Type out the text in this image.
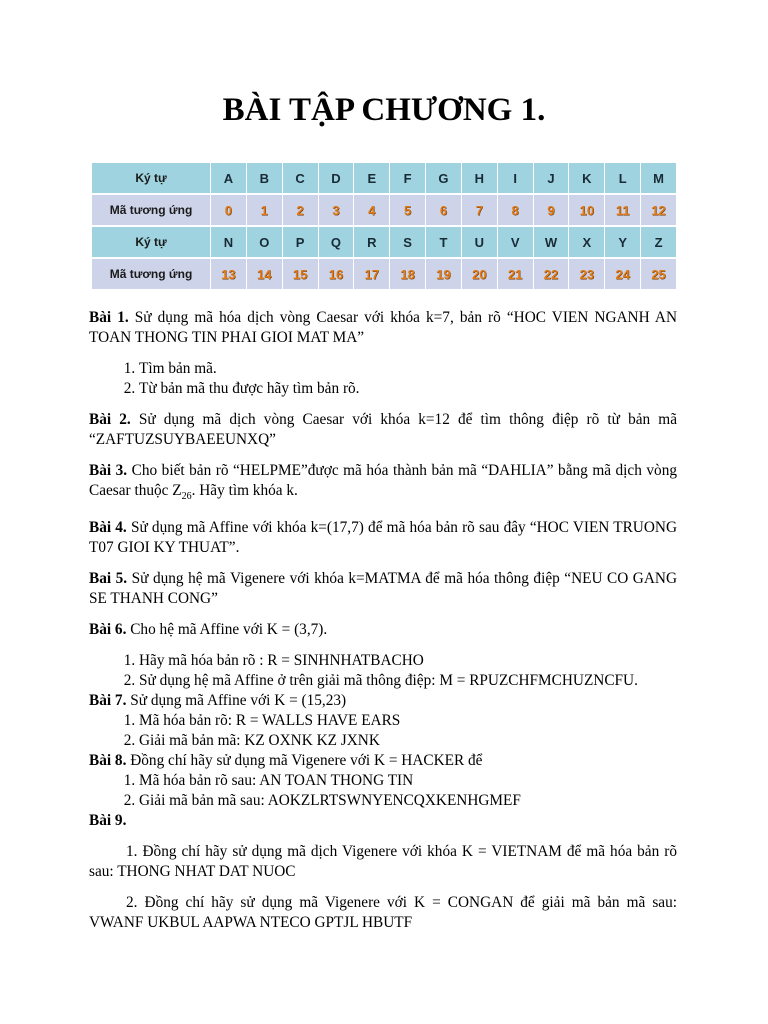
BÀI TẬP CHƯƠNG 1.
Ký tự	A	B	C	D	E	F	G	H	I	J	K	L	M
Mã tương ứng	0	1	2	3	4	5	6	7	8	9	10	11	12
Ký tự	N	O	P	Q	R	S	T	U	V	W	X	Y	Z
Mã tương ứng	13	14	15	16	17	18	19	20	21	22	23	24	25

Bài 1. Sử dụng mã hóa dịch vòng Caesar với khóa k=7, bản rõ “HOC VIEN NGANH AN TOAN THONG TIN PHAI GIOI MAT MA”

1. Tìm bản mã.
2. Từ bản mã thu được hãy tìm bản rõ.

Bài 2. Sử dụng mã dịch vòng Caesar với khóa k=12 để tìm thông điệp rõ từ bản mã “ZAFTUZSUYBAEEUNXQ”

Bài 3. Cho biết bản rõ “HELPME”được mã hóa thành bản mã “DAHLIA” bằng mã dịch vòng Caesar thuộc $Z_{26}$. Hãy tìm khóa k.

Bài 4. Sử dụng mã Affine với khóa k=(17,7) để mã hóa bản rõ sau đây “HOC VIEN TRUONG T07 GIOI KY THUAT”.

Bai 5. Sử dụng hệ mã Vigenere với khóa k=MATMA để mã hóa thông điệp “NEU CO GANG SE THANH CONG”

Bài 6. Cho hệ mã Affine với K = (3,7).

1. Hãy mã hóa bản rõ : R = SINHNHATBACHO
2. Sử dụng hệ mã Affine ở trên giải mã thông điệp: M = RPUZCHFMCHUZNCFU.

Bài 7. Sử dụng mã Affine với K = (15,23)

1. Mã hóa bản rõ: R = WALLS HAVE EARS
2. Giải mã bản mã: KZ OXNK KZ JXNK

Bài 8. Đồng chí hãy sử dụng mã Vigenere với K = HACKER để

1. Mã hóa bản rõ sau: AN TOAN THONG TIN
2. Giải mã bản mã sau: AOKZLRTSWNYENCQXKENHGMEF

Bài 9.

1. Đồng chí hãy sử dụng mã dịch Vigenere với khóa K = VIETNAM để mã hóa bản rõ sau: THONG NHAT DAT NUOC

2. Đồng chí hãy sử dụng mã Vigenere với K = CONGAN để giải mã bản mã sau: VWANF UKBUL AAPWA NTECO GPTJL HBUTF
